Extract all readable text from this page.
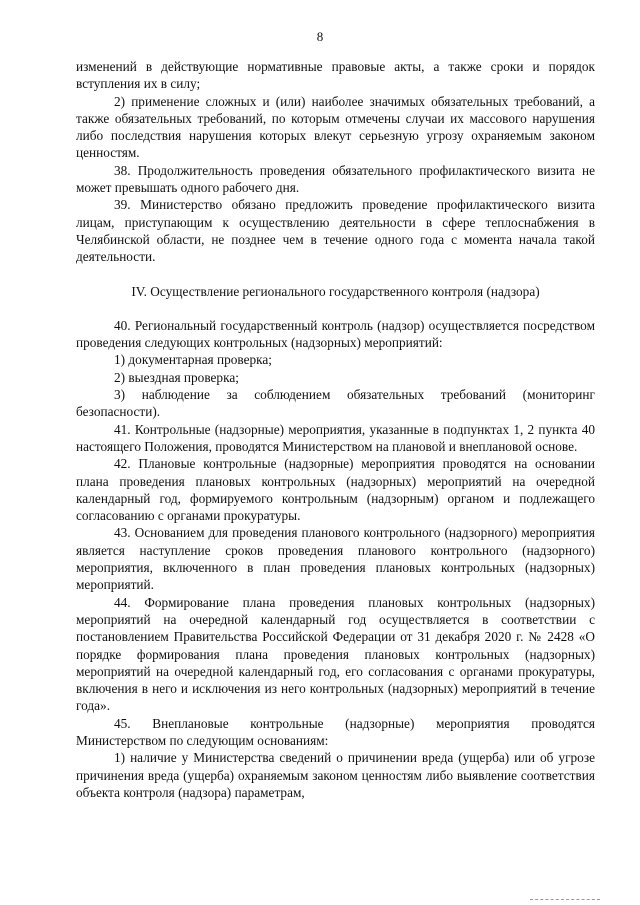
8

изменений в действующие нормативные правовые акты, а также сроки и порядок вступления их в силу;

2) применение сложных и (или) наиболее значимых обязательных требований, а также обязательных требований, по которым отмечены случаи их массового нарушения либо последствия нарушения которых влекут серьезную угрозу охраняемым законом ценностям.

38. Продолжительность проведения обязательного профилактического визита не может превышать одного рабочего дня.

39. Министерство обязано предложить проведение профилактического визита лицам, приступающим к осуществлению деятельности в сфере теплоснабжения в Челябинской области, не позднее чем в течение одного года с момента начала такой деятельности.

IV. Осуществление регионального государственного контроля (надзора)

40. Региональный государственный контроль (надзор) осуществляется посредством проведения следующих контрольных (надзорных) мероприятий:

1) документарная проверка;

2) выездная проверка;

3) наблюдение за соблюдением обязательных требований (мониторинг безопасности).

41. Контрольные (надзорные) мероприятия, указанные в подпунктах 1, 2 пункта 40 настоящего Положения, проводятся Министерством на плановой и внеплановой основе.

42. Плановые контрольные (надзорные) мероприятия проводятся на основании плана проведения плановых контрольных (надзорных) мероприятий на очередной календарный год, формируемого контрольным (надзорным) органом и подлежащего согласованию с органами прокуратуры.

43. Основанием для проведения планового контрольного (надзорного) мероприятия является наступление сроков проведения планового контрольного (надзорного) мероприятия, включенного в план проведения плановых контрольных (надзорных) мероприятий.

44. Формирование плана проведения плановых контрольных (надзорных) мероприятий на очередной календарный год осуществляется в соответствии с постановлением Правительства Российской Федерации от 31 декабря 2020 г. № 2428 «О порядке формирования плана проведения плановых контрольных (надзорных) мероприятий на очередной календарный год, его согласования с органами прокуратуры, включения в него и исключения из него контрольных (надзорных) мероприятий в течение года».

45. Внеплановые контрольные (надзорные) мероприятия проводятся Министерством по следующим основаниям:

1) наличие у Министерства сведений о причинении вреда (ущерба) или об угрозе причинения вреда (ущерба) охраняемым законом ценностям либо выявление соответствия объекта контроля (надзора) параметрам,
